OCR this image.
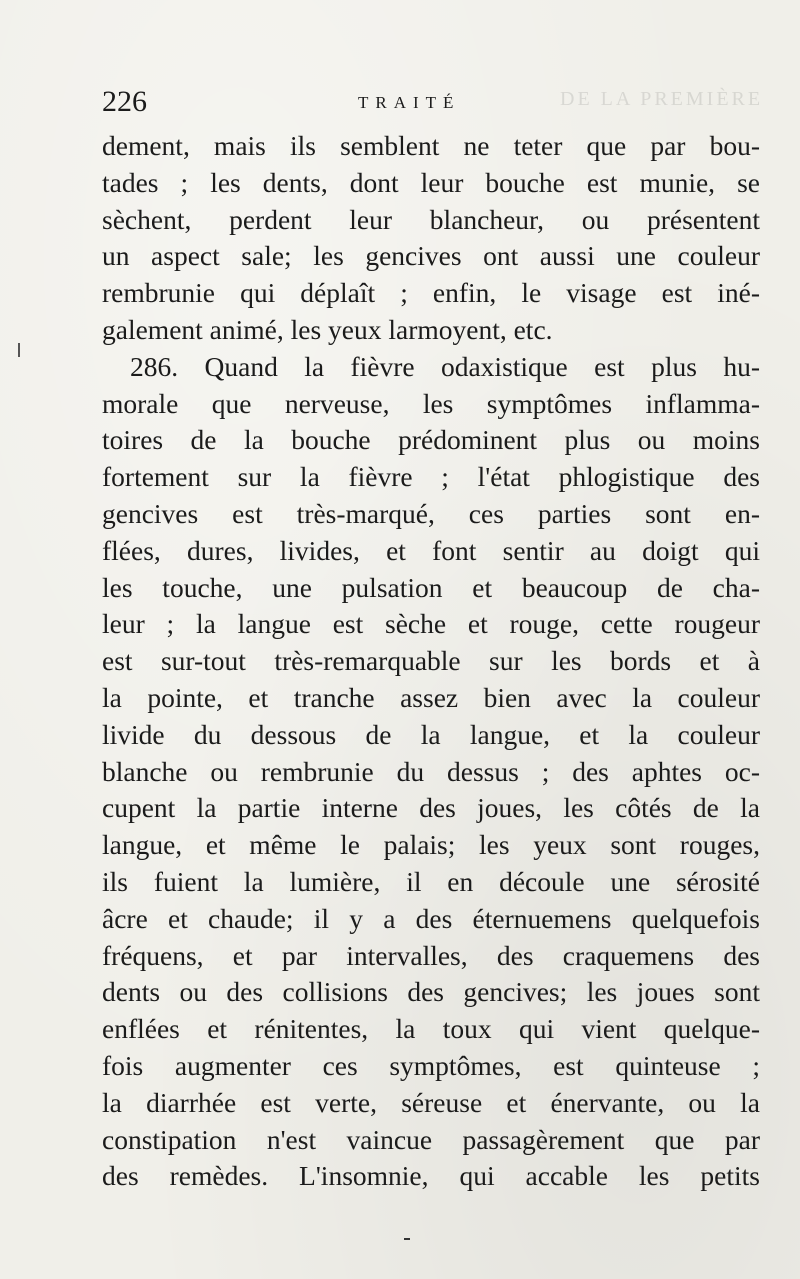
DE LA PREMIÈRE
226	TRAITÉ
dement, mais ils semblent ne teter que par bou-
tades ; les dents, dont leur bouche est munie, se
sèchent, perdent leur blancheur, ou présentent
un aspect sale; les gencives ont aussi une couleur
rembrunie qui déplaît ; enfin, le visage est iné-
galement animé, les yeux larmoyent, etc.
286. Quand la fièvre odaxistique est plus hu-
morale que nerveuse, les symptômes inflamma-
toires de la bouche prédominent plus ou moins
fortement sur la fièvre ; l'état phlogistique des
gencives est très-marqué, ces parties sont en-
flées, dures, livides, et font sentir au doigt qui
les touche, une pulsation et beaucoup de cha-
leur ; la langue est sèche et rouge, cette rougeur
est sur-tout très-remarquable sur les bords et à
la pointe, et tranche assez bien avec la couleur
livide du dessous de la langue, et la couleur
blanche ou rembrunie du dessus ; des aphtes oc-
cupent la partie interne des joues, les côtés de la
langue, et même le palais; les yeux sont rouges,
ils fuient la lumière, il en découle une sérosité
âcre et chaude; il y a des éternuemens quelquefois
fréquens, et par intervalles, des craquemens des
dents ou des collisions des gencives; les joues sont
enflées et rénitentes, la toux qui vient quelque-
fois augmenter ces symptômes, est quinteuse ;
la diarrhée est verte, séreuse et énervante, ou la
constipation n'est vaincue passagèrement que par
des remèdes. L'insomnie, qui accable les petits
